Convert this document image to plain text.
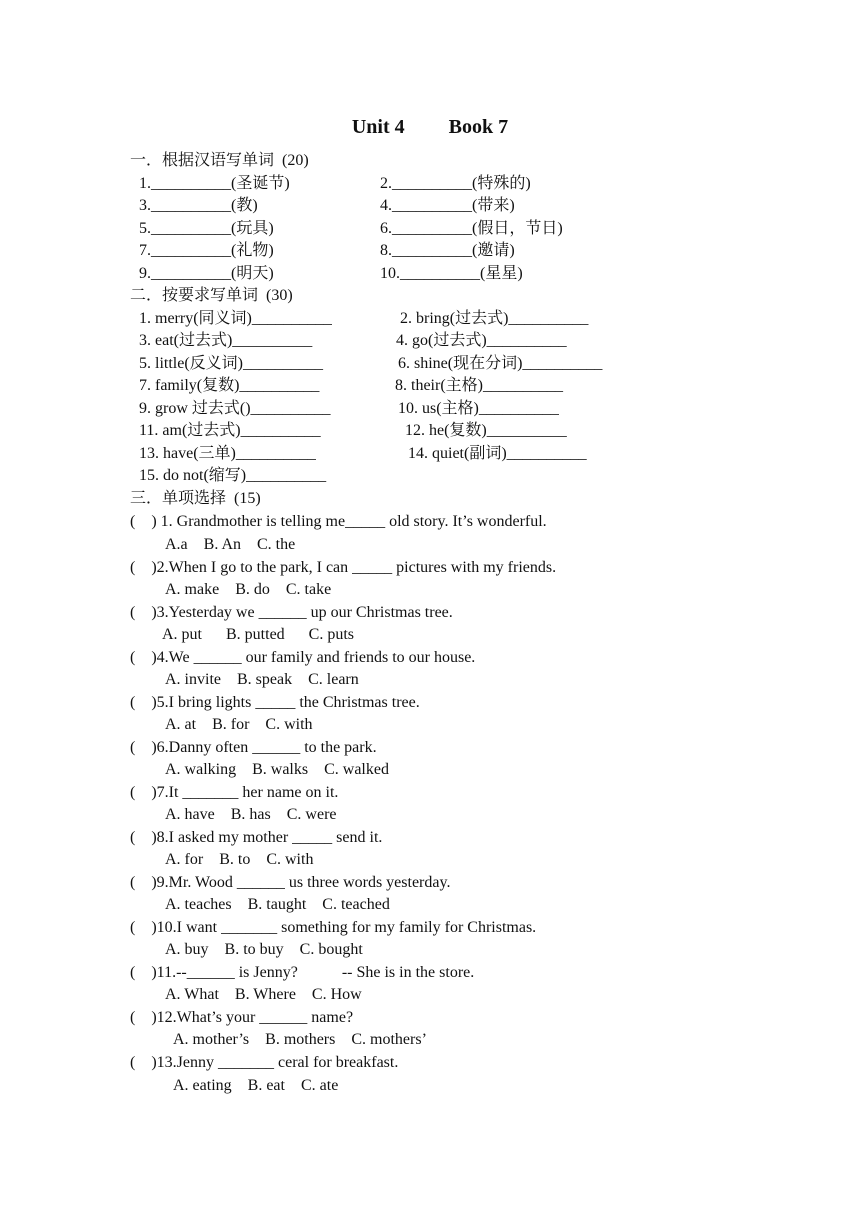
Unit 4 Book 7
一．根据汉语写单词  (20)
1.__________(圣诞节)	2.__________(特殊的)
3.__________(教)	4.__________(带来)
5.__________(玩具)	6.__________(假日，节日)
7.__________(礼物)	8.__________(邀请)
9.__________(明天)	10.__________(星星)
二．按要求写单词  (30)
1. merry(同义词)__________	2. bring(过去式)__________
3. eat(过去式)__________	4. go(过去式)__________
5. little(反义词)__________	6. shine(现在分词)__________
7. family(复数)__________	8. their(主格)__________
9. grow 过去式()__________	10. us(主格)__________
11. am(过去式)__________	12. he(复数)__________
13. have(三单)__________	14. quiet(副词)__________
15. do not(缩写)__________
三．单项选择  (15)
(    ) 1. Grandmother is telling me_____ old story. It’s wonderful.
A.a    B. An    C. the
(    )2.When I go to the park, I can _____ pictures with my friends.
A. make    B. do    C. take
(    )3.Yesterday we ______ up our Christmas tree.
A. put      B. putted      C. puts
(    )4.We ______ our family and friends to our house.
A. invite    B. speak    C. learn
(    )5.I bring lights _____ the Christmas tree.
A. at    B. for    C. with
(    )6.Danny often ______ to the park.
A. walking    B. walks    C. walked
(    )7.It _______ her name on it.
A. have    B. has    C. were
(    )8.I asked my mother _____ send it.
A. for    B. to    C. with
(    )9.Mr. Wood ______ us three words yesterday.
A. teaches    B. taught    C. teached
(    )10.I want _______ something for my family for Christmas.
A. buy    B. to buy    C. bought
(    )11.--______ is Jenny?           -- She is in the store.
A. What    B. Where    C. How
(    )12.What’s your ______ name?
A. mother’s    B. mothers    C. mothers’
(    )13.Jenny _______ ceral for breakfast.
A. eating    B. eat    C. ate
